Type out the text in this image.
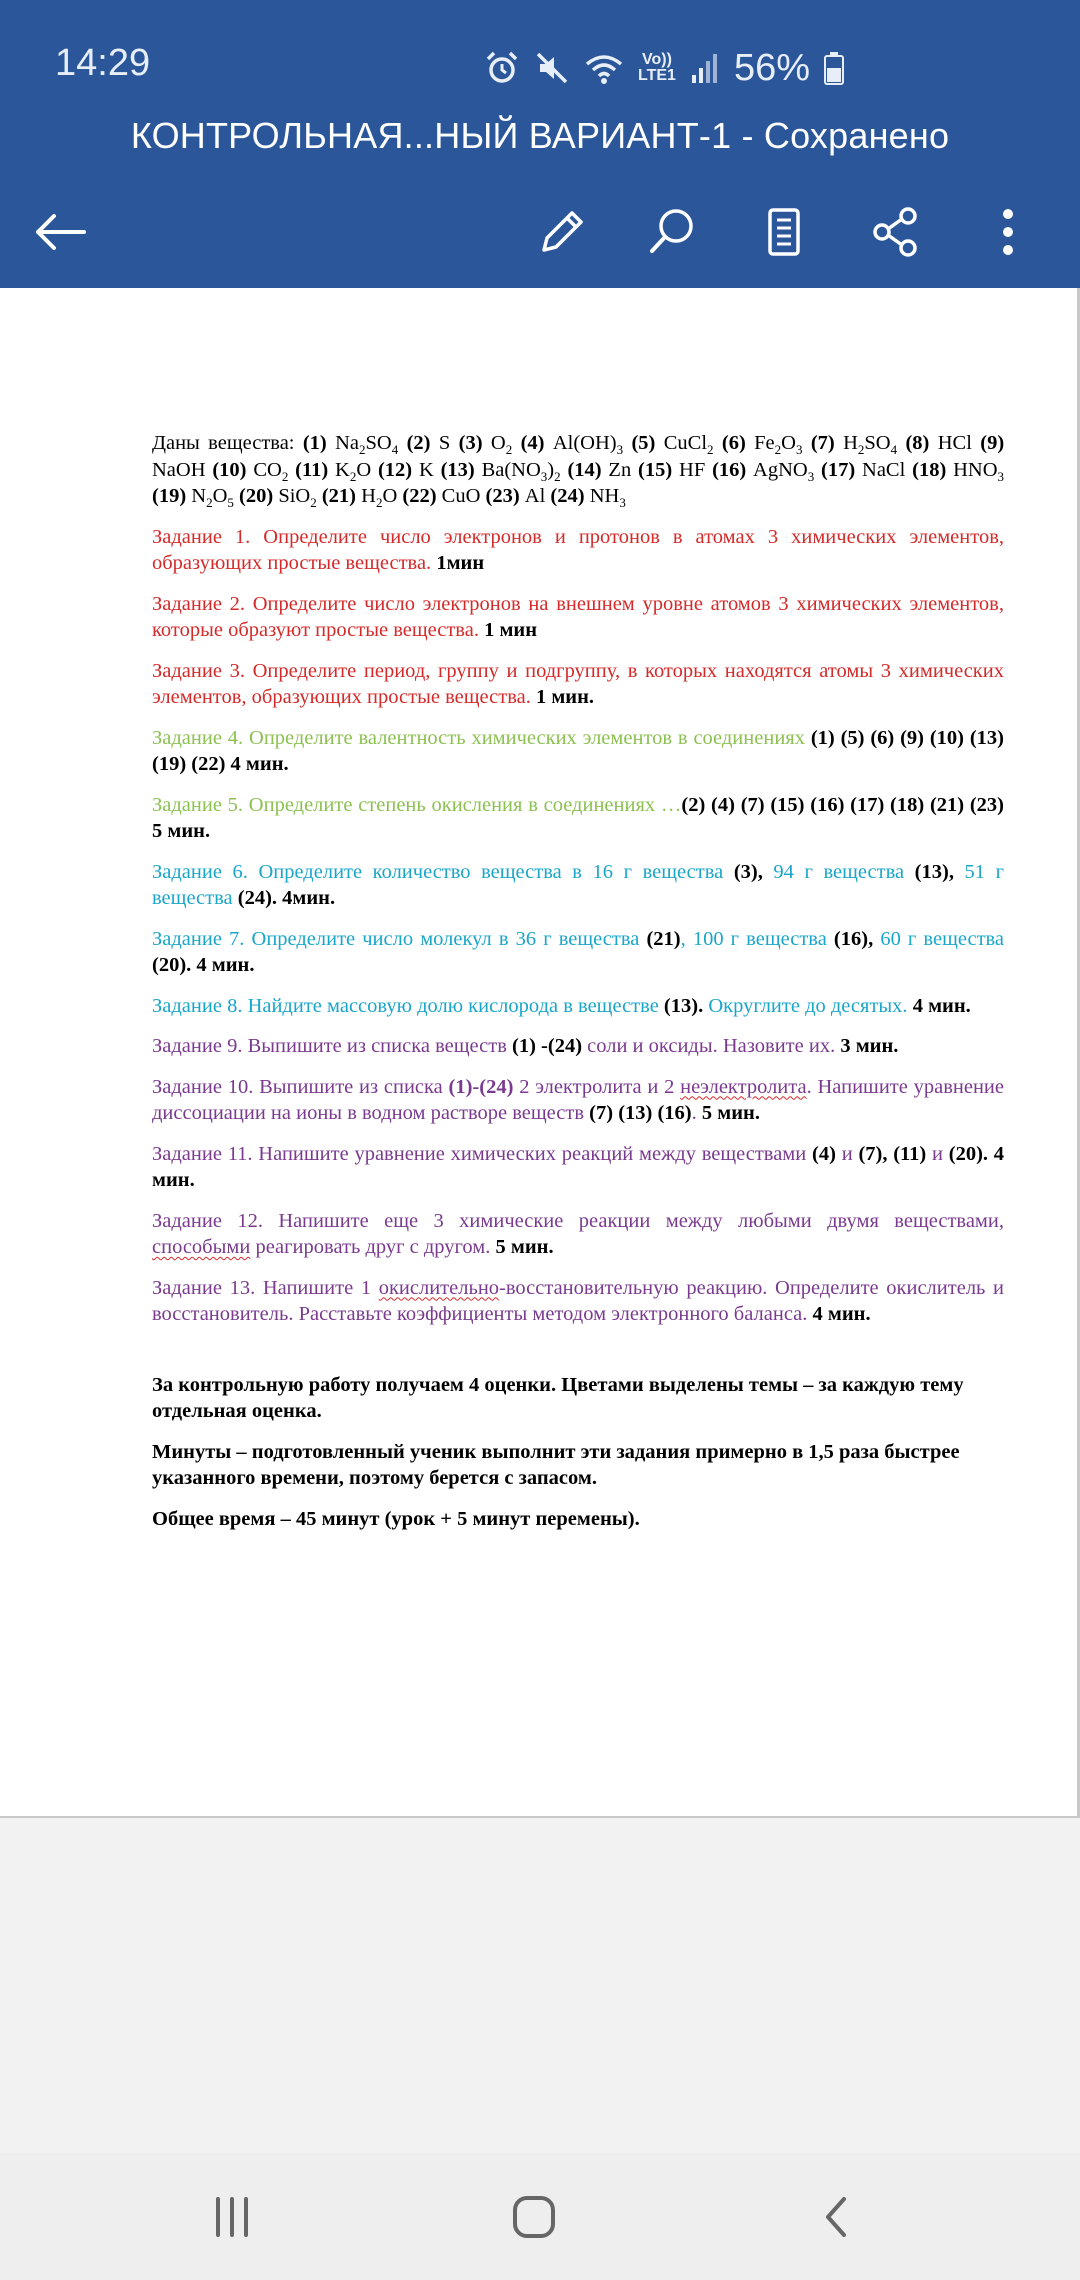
14:29	Vo))
LTE1 56%
КОНТРОЛЬНАЯ...НЫЙ ВАРИАНТ-1 - Сохранено

Даны вещества: (1) $Na_2SO_4$ (2) S (3) $O_2$ (4) $Al(OH)_3$ (5) CuCl$_2$ (6) $Fe_2O_3$ (7) $H_2SO_4$ (8) HCl (9) NaOH (10) $CO_2$ (11) $K_2O$ (12) K (13) $Ba(NO_3)_2$ (14) Zn (15) HF (16) AgNO$_3$ (17) NaCl (18) $HNO_3$ (19) $N_2O_5$ (20) SiO$_2$ (21) $H_2O$ (22) CuO (23) Al (24) $NH_3$

Задание 1. Определите число электронов и протонов в атомах 3 химических элементов, образующих простые вещества. 1мин

Задание 2. Определите число электронов на внешнем уровне атомов 3 химических элементов, которые образуют простые вещества. 1 мин

Задание 3. Определите период, группу и подгруппу, в которых находятся атомы 3 химических элементов, образующих простые вещества. 1 мин.

Задание 4. Определите валентность химических элементов в соединениях (1) (5) (6) (9) (10) (13) (19) (22) 4 мин.

Задание 5. Определите степень окисления в соединениях …(2) (4) (7) (15) (16) (17) (18) (21) (23) 5 мин.

Задание 6. Определите количество вещества в 16 г вещества (3), 94 г вещества (13), 51 г вещества (24). 4мин.

Задание 7. Определите число молекул в 36 г вещества (21), 100 г вещества (16), 60 г вещества (20). 4 мин.

Задание 8. Найдите массовую долю кислорода в веществе (13). Округлите до десятых. 4 мин.

Задание 9. Выпишите из списка веществ (1) -(24) соли и оксиды. Назовите их. 3 мин.

Задание 10. Выпишите из списка (1)-(24) 2 электролита и 2 неэлектролита. Напишите уравнение диссоциации на ионы в водном растворе веществ (7) (13) (16). 5 мин.

Задание 11. Напишите уравнение химических реакций между веществами (4) и (7), (11) и (20). 4 мин.

Задание 12. Напишите еще 3 химические реакции между любыми двумя веществами, способыми реагировать друг с другом. 5 мин.

Задание 13. Напишите 1 окислительно-восстановительную реакцию. Определите окислитель и восстановитель. Расставьте коэффициенты методом электронного баланса. 4 мин.

За контрольную работу получаем 4 оценки. Цветами выделены темы – за каждую тему отдельная оценка.

Минуты – подготовленный ученик выполнит эти задания примерно в 1,5 раза быстрее указанного времени, поэтому берется с запасом.

Общее время – 45 минут (урок + 5 минут перемены).
